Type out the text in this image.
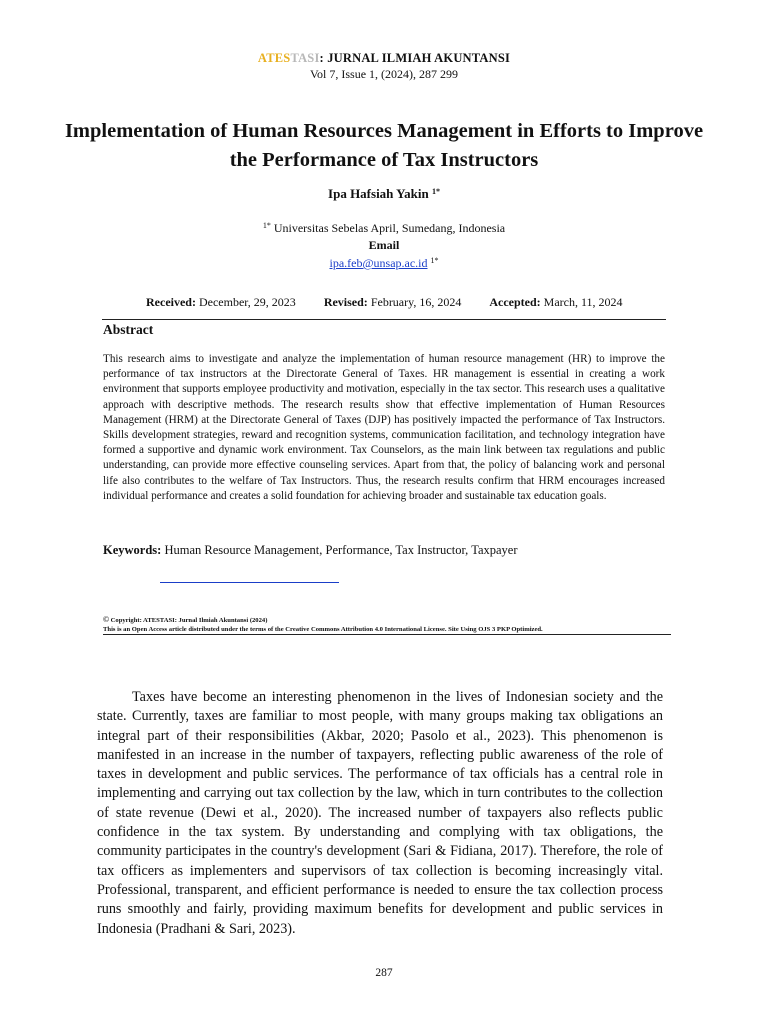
ATESTASI: JURNAL ILMIAH AKUNTANSI
Vol 7, Issue 1, (2024), 287 299
Implementation of Human Resources Management in Efforts to Improve the Performance of Tax Instructors
Ipa Hafsiah Yakin $^{1*}$
$^{1*}$ Universitas Sebelas April, Sumedang, Indonesia
Email
ipa.feb@unsap.ac.id $^{1*}$
Received: December, 29, 2023 Revised: February, 16, 2024 Accepted: March, 11, 2024
Abstract

This research aims to investigate and analyze the implementation of human resource management (HR) to improve the performance of tax instructors at the Directorate General of Taxes. HR management is essential in creating a work environment that supports employee productivity and motivation, especially in the tax sector. This research uses a qualitative approach with descriptive methods. The research results show that effective implementation of Human Resources Management (HRM) at the Directorate General of Taxes (DJP) has positively impacted the performance of Tax Instructors. Skills development strategies, reward and recognition systems, communication facilitation, and technology integration have formed a supportive and dynamic work environment. Tax Counselors, as the main link between tax regulations and public understanding, can provide more effective counseling services. Apart from that, the policy of balancing work and personal life also contributes to the welfare of Tax Instructors. Thus, the research results confirm that HRM encourages increased individual performance and creates a solid foundation for achieving broader and sustainable tax education goals.

Keywords: Human Resource Management, Performance, Tax Instructor, Taxpayer
© Copyright: ATESTASI: Jurnal Ilmiah Akuntansi (2024)
This is an Open Access article distributed under the terms of the Creative Commons Attribution 4.0 International License. Site Using OJS 3 PKP Optimized.

Taxes have become an interesting phenomenon in the lives of Indonesian society and the state. Currently, taxes are familiar to most people, with many groups making tax obligations an integral part of their responsibilities (Akbar, 2020; Pasolo et al., 2023). This phenomenon is manifested in an increase in the number of taxpayers, reflecting public awareness of the role of taxes in development and public services. The performance of tax officials has a central role in implementing and carrying out tax collection by the law, which in turn contributes to the collection of state revenue (Dewi et al., 2020). The increased number of taxpayers also reflects public confidence in the tax system. By understanding and complying with tax obligations, the community participates in the country's development (Sari & Fidiana, 2017). Therefore, the role of tax officers as implementers and supervisors of tax collection is becoming increasingly vital. Professional, transparent, and efficient performance is needed to ensure the tax collection process runs smoothly and fairly, providing maximum benefits for development and public services in Indonesia (Pradhani & Sari, 2023).

287
